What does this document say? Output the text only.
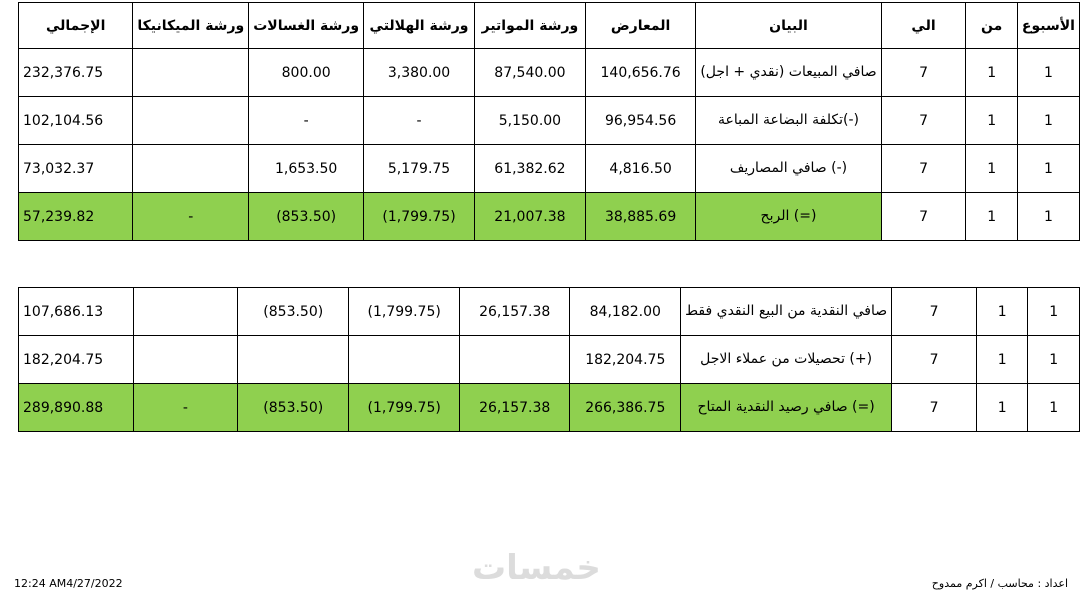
الإجمالي	ورشة الميكانيكا	ورشة الغسالات	ورشة الهلالتي	ورشة المواتير	المعارض	البيان	الي	من	الأسبوع
232,376.75		800.00	3,380.00	87,540.00	140,656.76	صافي المبيعات (نقدي + اجل)	7	1	1
102,104.56		-	-	5,150.00	96,954.56	(-)تكلفة البضاعة المباعة	7	1	1
73,032.37		1,653.50	5,179.75	61,382.62	4,816.50	(-) صافي المصاريف	7	1	1
57,239.82	-	(853.50)	(1,799.75)	21,007.38	38,885.69	(=) الربح	7	1	1
107,686.13		(853.50)	(1,799.75)	26,157.38	84,182.00	صافي النقدية من البيع النقدي فقط	7	1	1
182,204.75					182,204.75	(+) تحصيلات من عملاء الاجل	7	1	1
289,890.88	-	(853.50)	(1,799.75)	26,157.38	266,386.75	(=) صافي رصيد النقدية المتاح	7	1	1
خمسات
12:24 AM4/27/2022	اعداد : محاسب / اكرم ممدوح
